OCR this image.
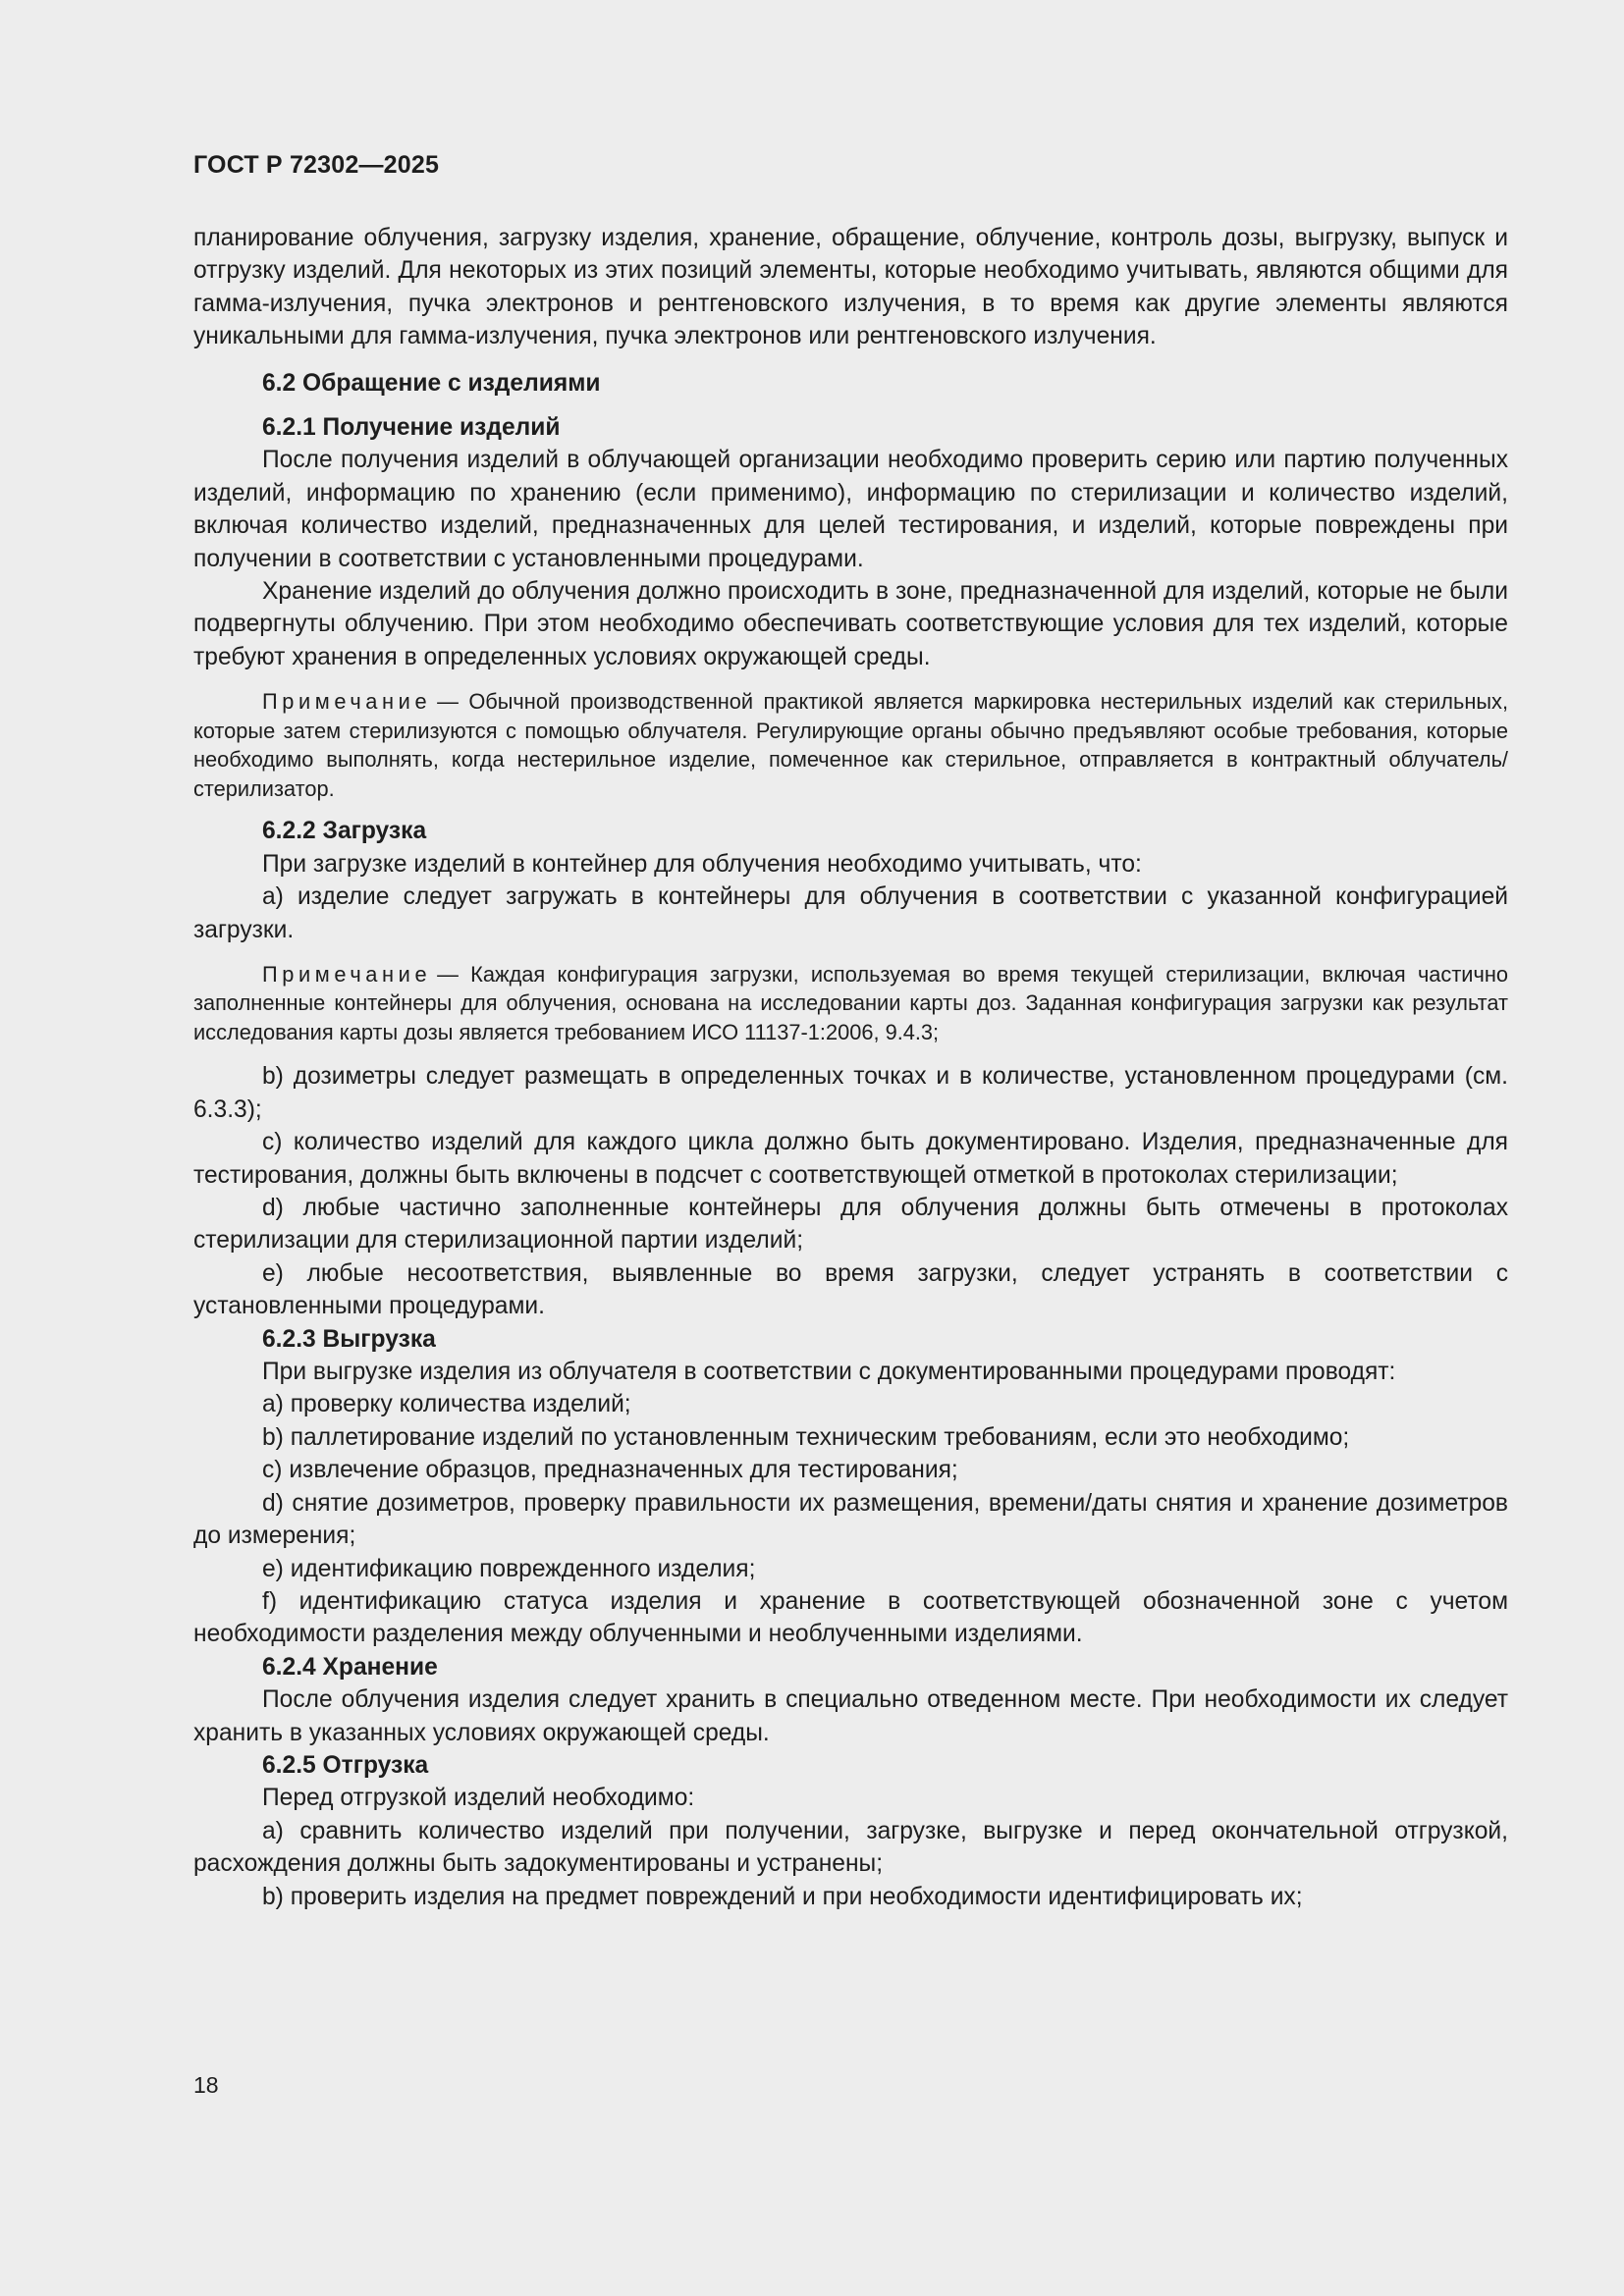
ГОСТ Р 72302—2025

планирование облучения, загрузку изделия, хранение, обращение, облучение, контроль дозы, выгрузку, выпуск и отгрузку изделий. Для некоторых из этих позиций элементы, которые необходимо учитывать, являются общими для гамма-излучения, пучка электронов и рентгеновского излучения, в то время как другие элементы являются уникальными для гамма-излучения, пучка электронов или рентгеновского излучения.

6.2 Обращение с изделиями
6.2.1 Получение изделий

После получения изделий в облучающей организации необходимо проверить серию или партию полученных изделий, информацию по хранению (если применимо), информацию по стерилизации и количество изделий, включая количество изделий, предназначенных для целей тестирования, и изделий, которые повреждены при получении в соответствии с установленными процедурами.

Хранение изделий до облучения должно происходить в зоне, предназначенной для изделий, которые не были подвергнуты облучению. При этом необходимо обеспечивать соответствующие условия для тех изделий, которые требуют хранения в определенных условиях окружающей среды.

Примечание — Обычной производственной практикой является маркировка нестерильных изделий как стерильных, которые затем стерилизуются с помощью облучателя. Регулирующие органы обычно предъявляют особые требования, которые необходимо выполнять, когда нестерильное изделие, помеченное как стерильное, отправляется в контрактный облучатель/стерилизатор.
6.2.2 Загрузка

При загрузке изделий в контейнер для облучения необходимо учитывать, что:

a) изделие следует загружать в контейнеры для облучения в соответствии с указанной конфигурацией загрузки.

Примечание — Каждая конфигурация загрузки, используемая во время текущей стерилизации, включая частично заполненные контейнеры для облучения, основана на исследовании карты доз. Заданная конфигурация загрузки как результат исследования карты дозы является требованием ИСО 11137-1:2006, 9.4.3;

b) дозиметры следует размещать в определенных точках и в количестве, установленном процедурами (см. 6.3.3);

c) количество изделий для каждого цикла должно быть документировано. Изделия, предназначенные для тестирования, должны быть включены в подсчет с соответствующей отметкой в протоколах стерилизации;

d) любые частично заполненные контейнеры для облучения должны быть отмечены в протоколах стерилизации для стерилизационной партии изделий;

e) любые несоответствия, выявленные во время загрузки, следует устранять в соответствии с установленными процедурами.

6.2.3 Выгрузка

При выгрузке изделия из облучателя в соответствии с документированными процедурами проводят:

a) проверку количества изделий;

b) паллетирование изделий по установленным техническим требованиям, если это необходимо;

c) извлечение образцов, предназначенных для тестирования;

d) снятие дозиметров, проверку правильности их размещения, времени/даты снятия и хранение дозиметров до измерения;

e) идентификацию поврежденного изделия;

f) идентификацию статуса изделия и хранение в соответствующей обозначенной зоне с учетом необходимости разделения между облученными и необлученными изделиями.

6.2.4 Хранение

После облучения изделия следует хранить в специально отведенном месте. При необходимости их следует хранить в указанных условиях окружающей среды.

6.2.5 Отгрузка

Перед отгрузкой изделий необходимо:

a) сравнить количество изделий при получении, загрузке, выгрузке и перед окончательной отгрузкой, расхождения должны быть задокументированы и устранены;

b) проверить изделия на предмет повреждений и при необходимости идентифицировать их;

18
